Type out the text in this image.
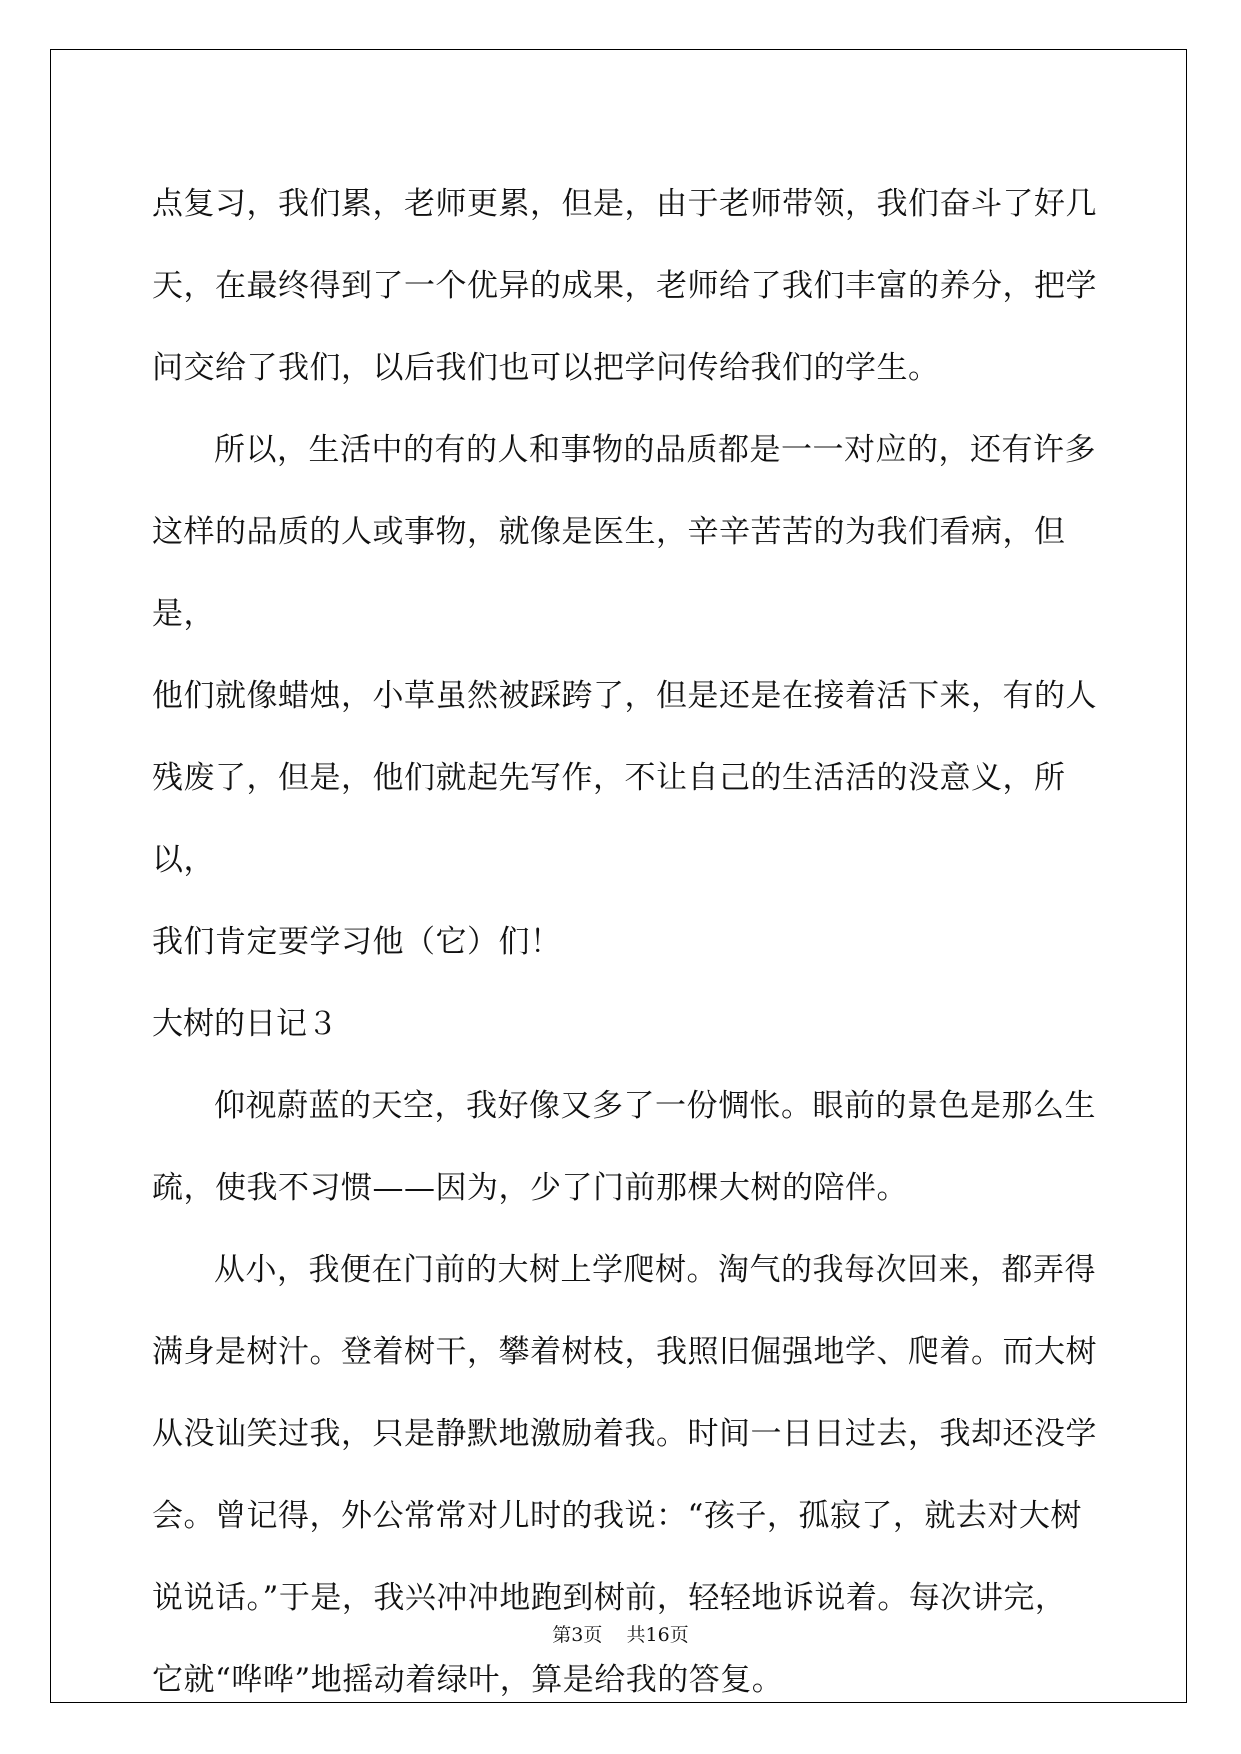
点复习，我们累，老师更累，但是，由于老师带领，我们奋斗了好几
天，在最终得到了一个优异的成果，老师给了我们丰富的养分，把学
问交给了我们，以后我们也可以把学问传给我们的学生。
所以，生活中的有的人和事物的品质都是一一对应的，还有许多
这样的品质的人或事物，就像是医生，辛辛苦苦的为我们看病，但是，
他们就像蜡烛，小草虽然被踩跨了，但是还是在接着活下来，有的人
残废了，但是，他们就起先写作，不让自己的生活活的没意义，所以，
我们肯定要学习他（它）们！
大树的日记３
仰视蔚蓝的天空，我好像又多了一份惆怅。眼前的景色是那么生
疏，使我不习惯——因为，少了门前那棵大树的陪伴。
从小，我便在门前的大树上学爬树。淘气的我每次回来，都弄得
满身是树汁。登着树干，攀着树枝，我照旧倔强地学、爬着。而大树
从没讪笑过我，只是静默地激励着我。时间一日日过去，我却还没学
会。曾记得，外公常常对儿时的我说：“孩子，孤寂了，就去对大树
说说话。”于是，我兴冲冲地跑到树前，轻轻地诉说着。每次讲完，
它就“哗哗”地摇动着绿叶，算是给我的答复。
第3页 共16页
